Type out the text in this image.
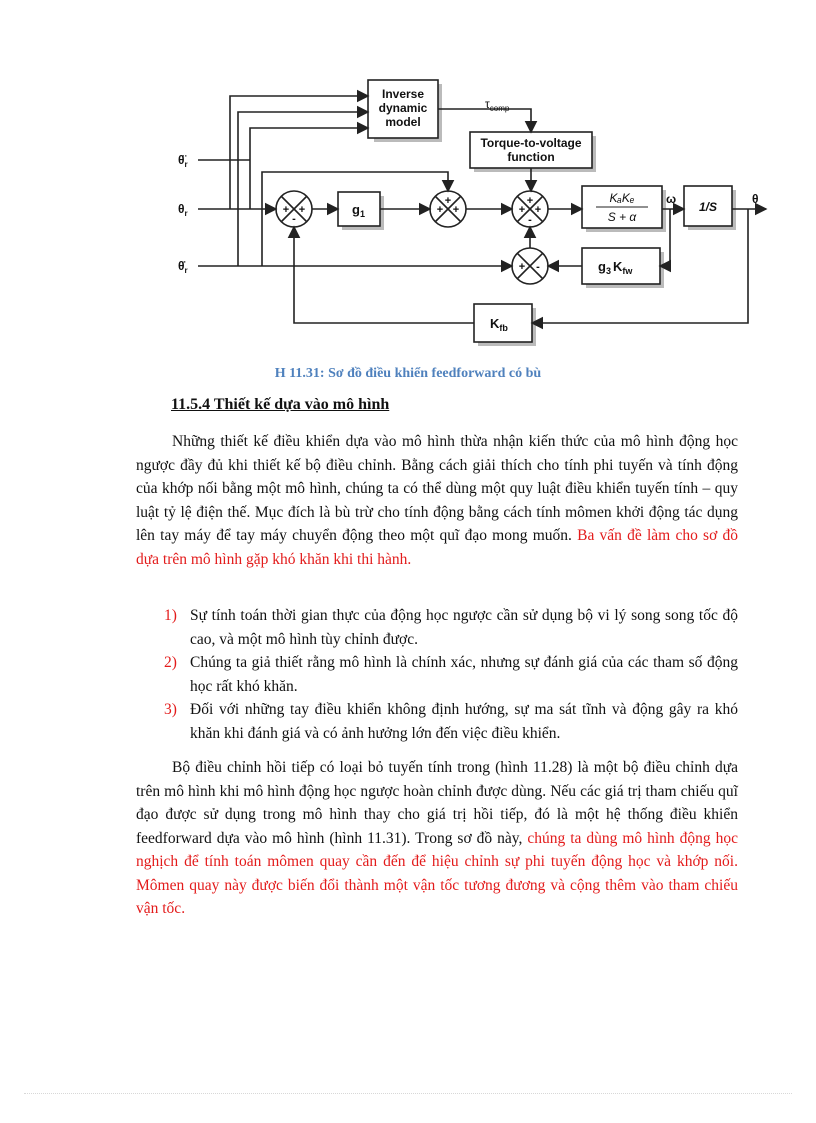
Inverse
dynamic
model
Torque-to-voltage
function
1/S
$g_1$
$g_3$ $K_{fw}$
$K_{fb}$
KₐKₑ
S + α
+ +
-
+
+ +
+
+ +
-
+ -
$\tau_{comp}$
$\thetä_r$
$\theta_r$
$\thetȧ_r$
ω	θ
H 11.31: Sơ đồ điều khiển feedforward có bù
11.5.4 Thiết kế dựa vào mô hình
Những thiết kế điều khiển dựa vào mô hình thừa nhận kiến thức của mô hình động học ngược đầy đủ khi thiết kế bộ điều chỉnh. Bằng cách giải thích cho tính phi tuyến và tính động của khớp nối bằng một mô hình, chúng ta có thể dùng một quy luật điều khiển tuyến tính – quy luật tỷ lệ điện thế. Mục đích là bù trừ cho tính động bằng cách tính mômen khởi động tác dụng lên tay máy để tay máy chuyển động theo một quĩ đạo mong muốn. Ba vấn đề làm cho sơ đồ dựa trên mô hình gặp khó khăn khi thi hành.
1) Sự tính toán thời gian thực của động học ngược cần sử dụng bộ vi lý song song tốc độ cao, và một mô hình tùy chỉnh được.
2) Chúng ta giả thiết rằng mô hình là chính xác, nhưng sự đánh giá của các tham số động học rất khó khăn.
3) Đối với những tay điều khiển không định hướng, sự ma sát tĩnh và động gây ra khó khăn khi đánh giá và có ảnh hưởng lớn đến việc điều khiển.
Bộ điều chỉnh hồi tiếp có loại bỏ tuyến tính trong (hình 11.28) là một bộ điều chỉnh dựa trên mô hình khi mô hình động học ngược hoàn chỉnh được dùng. Nếu các giá trị tham chiếu quĩ đạo được sử dụng trong mô hình thay cho giá trị hồi tiếp, đó là một hệ thống điều khiển feedforward dựa vào mô hình (hình 11.31). Trong sơ đồ này, chúng ta dùng mô hình động học nghịch để tính toán mômen quay cần đến để hiệu chỉnh sự phi tuyến động học và khớp nối. Mômen quay này được biến đổi thành một vận tốc tương đương và cộng thêm vào tham chiếu vận tốc.
